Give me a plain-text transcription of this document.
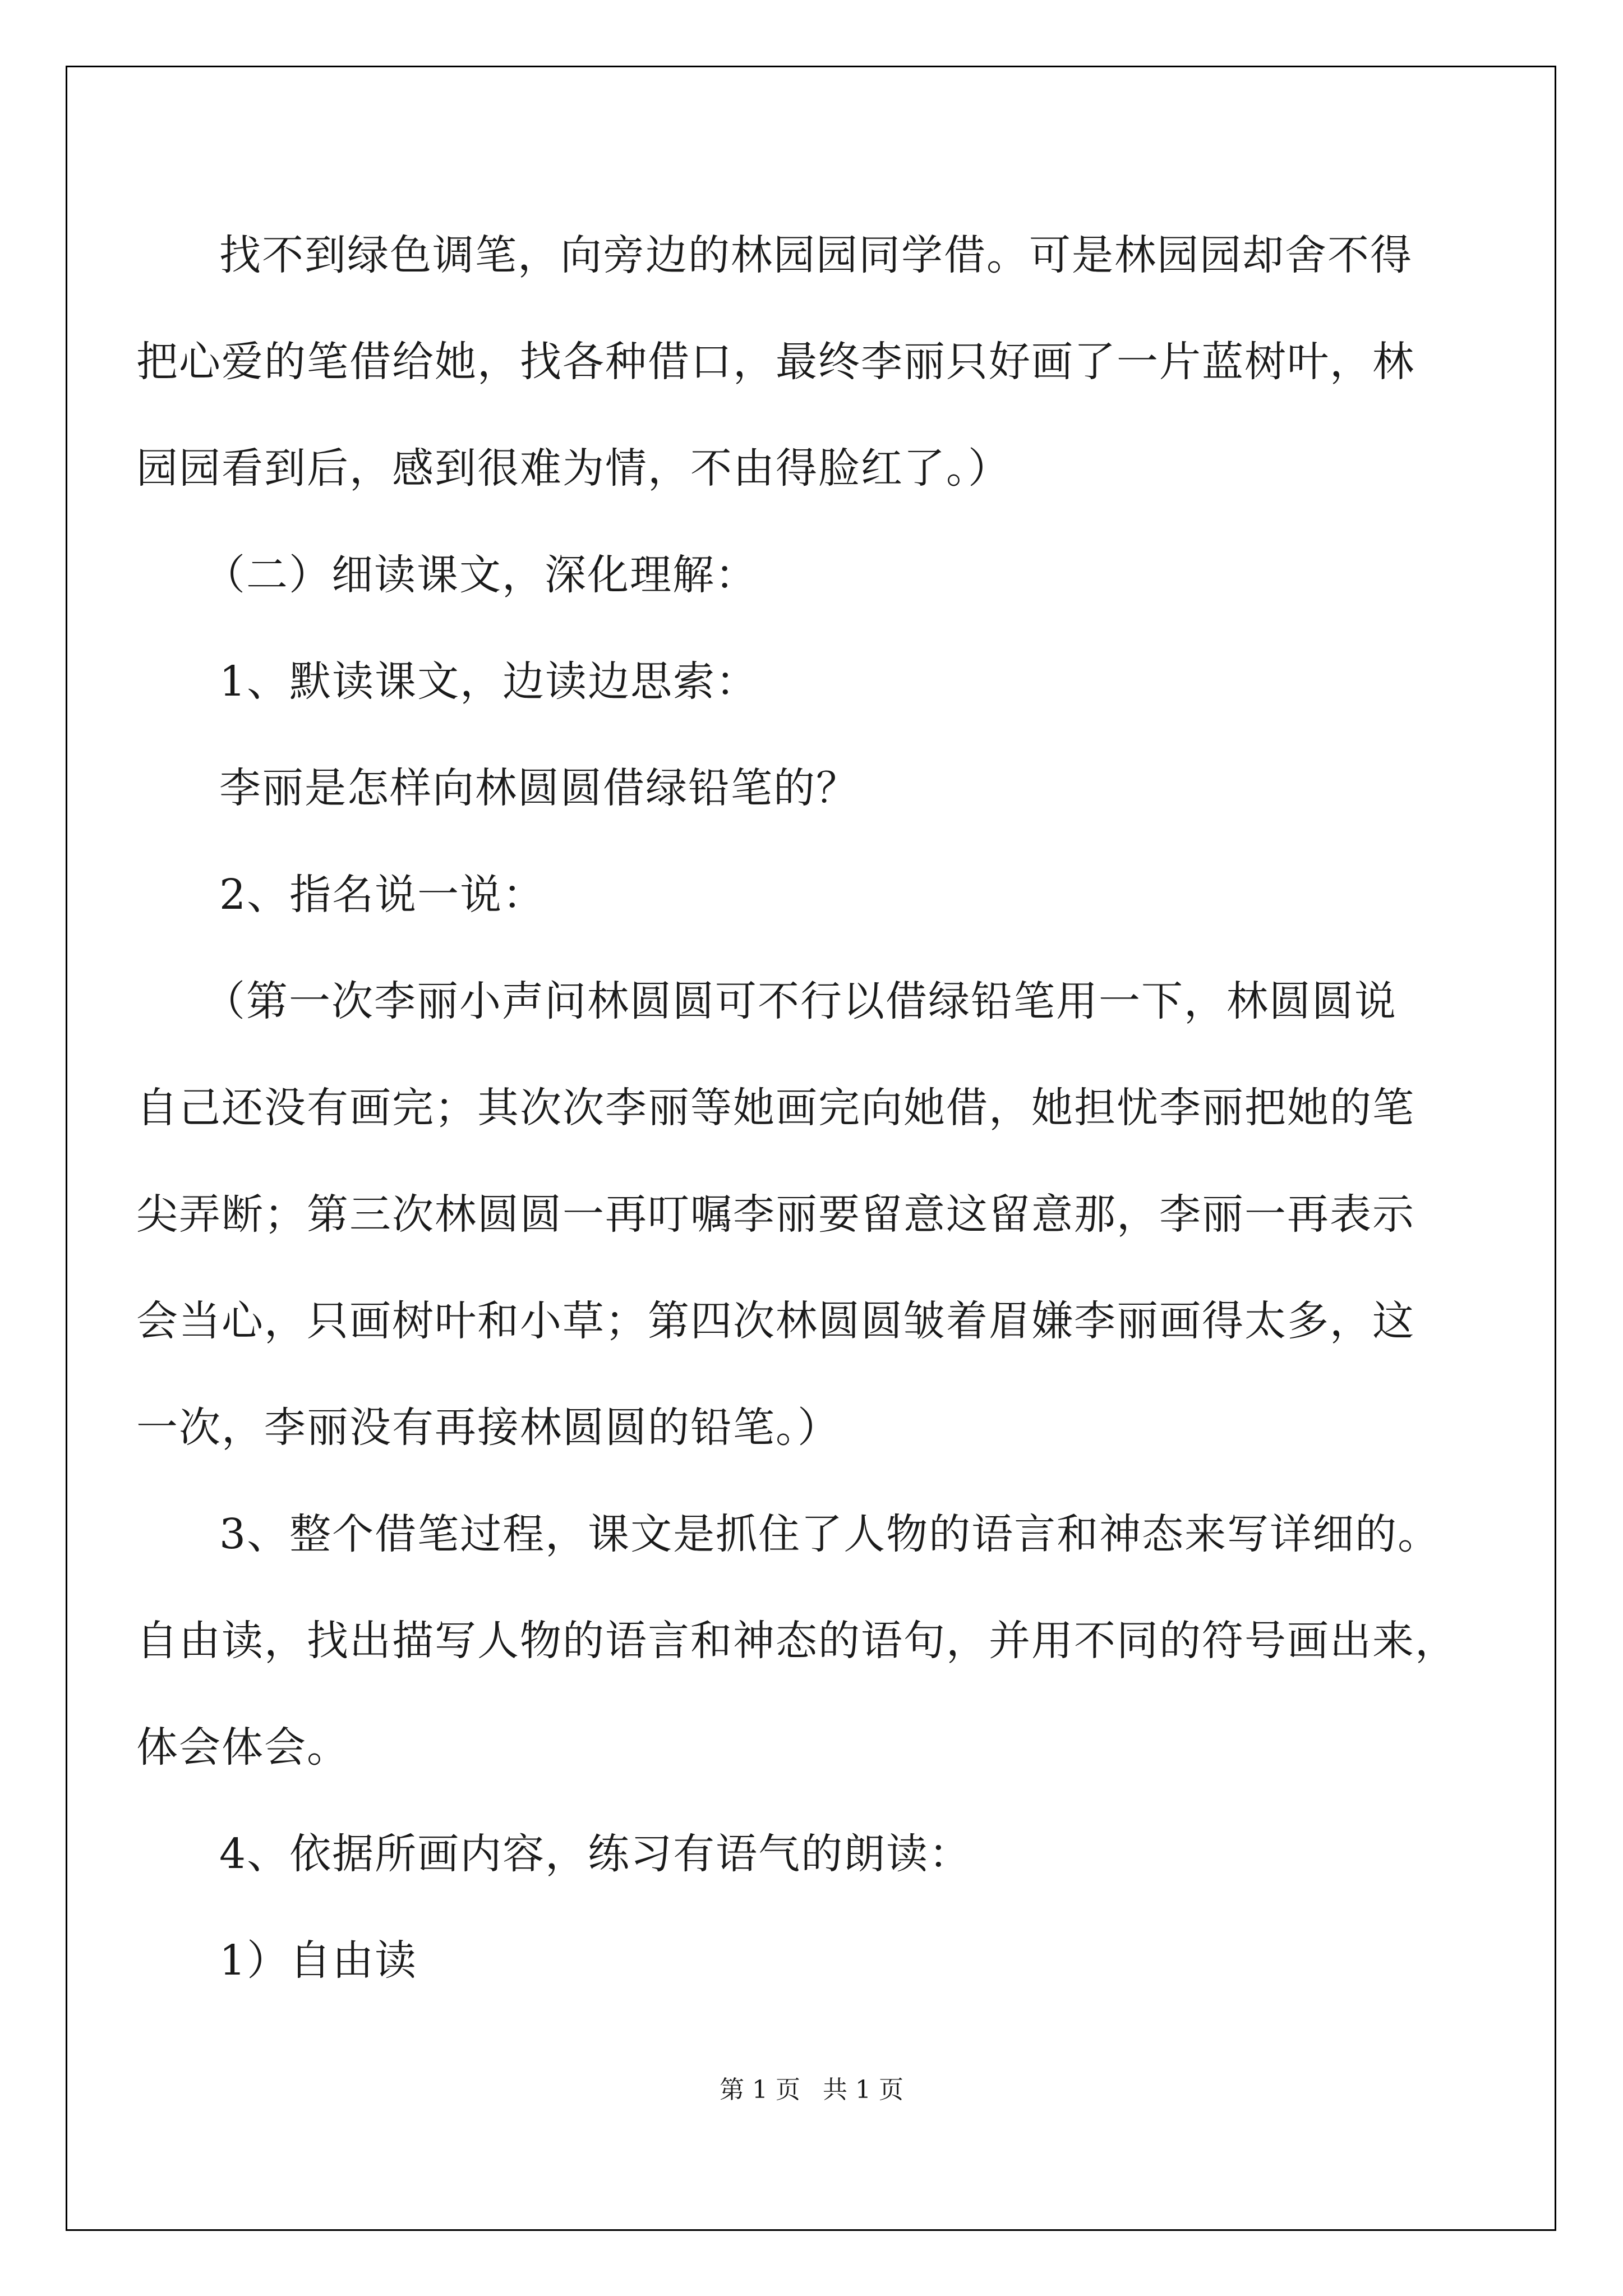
找不到绿色调笔，向旁边的林园园同学借。可是林园园却舍不得

把心爱的笔借给她，找各种借口，最终李丽只好画了一片蓝树叶，林

园园看到后，感到很难为情，不由得脸红了。）

（二）细读课文，深化理解：

1、默读课文，边读边思索：

李丽是怎样向林圆圆借绿铅笔的？

2、指名说一说：

（第一次李丽小声问林圆圆可不行以借绿铅笔用一下，林圆圆说

自己还没有画完；其次次李丽等她画完向她借，她担忧李丽把她的笔

尖弄断；第三次林圆圆一再叮嘱李丽要留意这留意那，李丽一再表示

会当心，只画树叶和小草；第四次林圆圆皱着眉嫌李丽画得太多，这

一次，李丽没有再接林圆圆的铅笔。）

3、整个借笔过程，课文是抓住了人物的语言和神态来写详细的。

自由读，找出描写人物的语言和神态的语句，并用不同的符号画出来，

体会体会。

4、依据所画内容，练习有语气的朗读：

1）自由读

第 1 页 共 1 页
